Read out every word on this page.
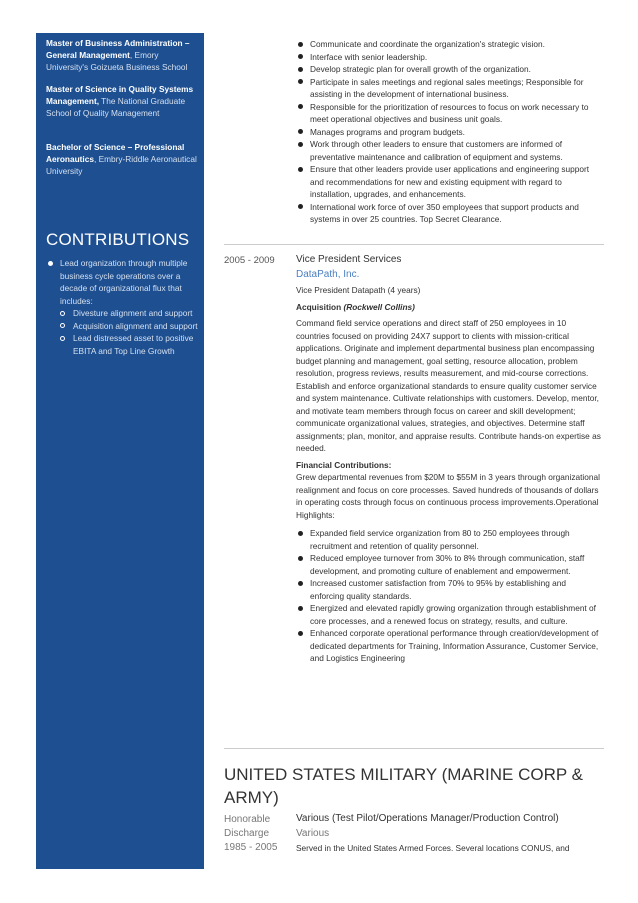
Master of Business Administration – General Management, Emory University's Goizueta Business School
Master of Science in Quality Systems Management, The National Graduate School of Quality Management
Bachelor of Science – Professional Aeronautics, Embry-Riddle Aeronautical University
CONTRIBUTIONS
Lead organization through multiple business cycle operations over a decade of organizational flux that includes:
Divesture alignment and support
Acquisition alignment and support
Lead distressed asset to positive EBITA and Top Line Growth
Communicate and coordinate the organization's strategic vision.
Interface with senior leadership.
Develop strategic plan for overall growth of the organization.
Participate in sales meetings and regional sales meetings; Responsible for assisting in the development of international business.
Responsible for the prioritization of resources to focus on work necessary to meet operational objectives and business unit goals.
Manages programs and program budgets.
Work through other leaders to ensure that customers are informed of preventative maintenance and calibration of equipment and systems.
Ensure that other leaders provide user applications and engineering support and recommendations for new and existing equipment with regard to installation, upgrades, and enhancements.
International work force of over 350 employees that support products and systems in over 25 countries. Top Secret Clearance.
2005 - 2009 Vice President Services
DataPath, Inc.
Vice President Datapath (4 years)
Acquisition (Rockwell Collins)
Command field service operations and direct staff of 250 employees in 10 countries focused on providing 24X7 support to clients with mission-critical applications. Originate and implement departmental business plan encompassing budget planning and management, goal setting, resource allocation, problem resolution, progress reviews, results measurement, and mid-course corrections. Establish and enforce organizational standards to ensure quality customer service and system maintenance. Cultivate relationships with customers. Develop, mentor, and motivate team members through focus on career and skill development; communicate organizational values, strategies, and objectives. Determine staff assignments; plan, monitor, and appraise results. Contribute hands-on expertise as needed.
Financial Contributions:
Grew departmental revenues from $20M to $55M in 3 years through organizational realignment and focus on core processes. Saved hundreds of thousands of dollars in operating costs through focus on continuous process improvements.Operational Highlights:
Expanded field service organization from 80 to 250 employees through recruitment and retention of quality personnel.
Reduced employee turnover from 30% to 8% through communication, staff development, and promoting culture of enablement and empowerment.
Increased customer satisfaction from 70% to 95% by establishing and enforcing quality standards.
Energized and elevated rapidly growing organization through establishment of core processes, and a renewed focus on strategy, results, and culture.
Enhanced corporate operational performance through creation/development of dedicated departments for Training, Information Assurance, Customer Service, and Logistics Engineering
UNITED STATES MILITARY (MARINE CORP & ARMY)
Honorable
Discharge
1985 - 2005
Various (Test Pilot/Operations Manager/Production Control)
Various
Served in the United States Armed Forces. Several locations CONUS, and
